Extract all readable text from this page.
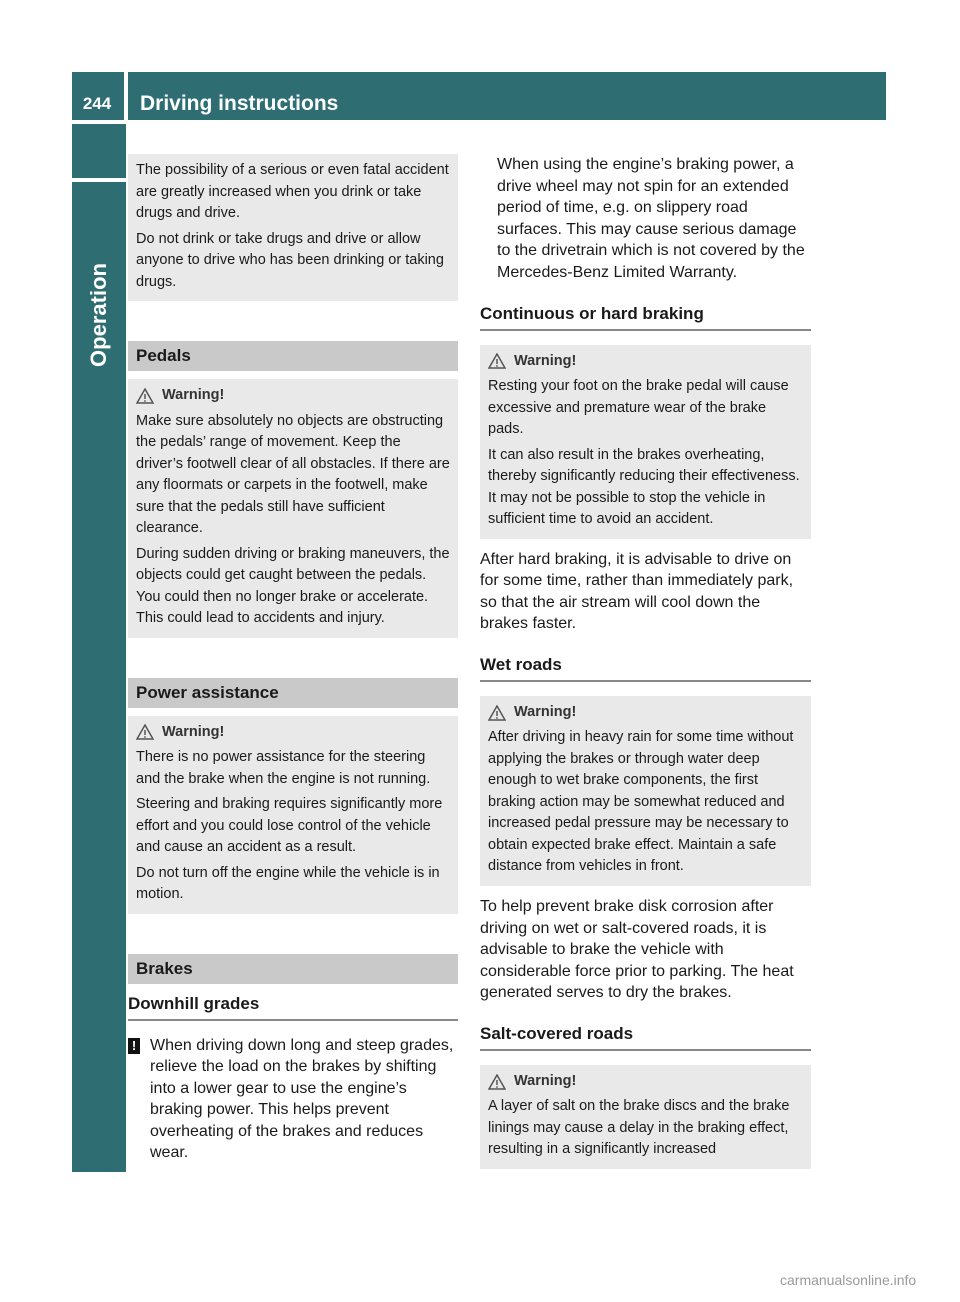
244	Driving instructions
Operation

The possibility of a serious or even fatal accident are greatly increased when you drink or take drugs and drive.

Do not drink or take drugs and drive or allow anyone to drive who has been drinking or taking drugs.

Pedals
Warning!

Make sure absolutely no objects are obstructing the pedals’ range of movement. Keep the driver’s footwell clear of all obstacles. If there are any floormats or carpets in the footwell, make sure that the pedals still have sufficient clearance.

During sudden driving or braking maneuvers, the objects could get caught between the pedals. You could then no longer brake or accelerate. This could lead to accidents and injury.

Power assistance
Warning!

There is no power assistance for the steering and the brake when the engine is not running.

Steering and braking requires significantly more effort and you could lose control of the vehicle and cause an accident as a result.

Do not turn off the engine while the vehicle is in motion.

Brakes
Downhill grades
! When driving down long and steep grades, relieve the load on the brakes by shifting into a lower gear to use the engine’s braking power. This helps prevent overheating of the brakes and reduces wear.

When using the engine’s braking power, a drive wheel may not spin for an extended period of time, e.g. on slippery road surfaces. This may cause serious damage to the drivetrain which is not covered by the Mercedes-Benz Limited Warranty.

Continuous or hard braking
Warning!

Resting your foot on the brake pedal will cause excessive and premature wear of the brake pads.

It can also result in the brakes overheating, thereby significantly reducing their effectiveness. It may not be possible to stop the vehicle in sufficient time to avoid an accident.

After hard braking, it is advisable to drive on for some time, rather than immediately park, so that the air stream will cool down the brakes faster.

Wet roads
Warning!

After driving in heavy rain for some time without applying the brakes or through water deep enough to wet brake components, the first braking action may be somewhat reduced and increased pedal pressure may be necessary to obtain expected brake effect. Maintain a safe distance from vehicles in front.

To help prevent brake disk corrosion after driving on wet or salt-covered roads, it is advisable to brake the vehicle with considerable force prior to parking. The heat generated serves to dry the brakes.

Salt-covered roads
Warning!

A layer of salt on the brake discs and the brake linings may cause a delay in the braking effect, resulting in a significantly increased

carmanualsonline.info
